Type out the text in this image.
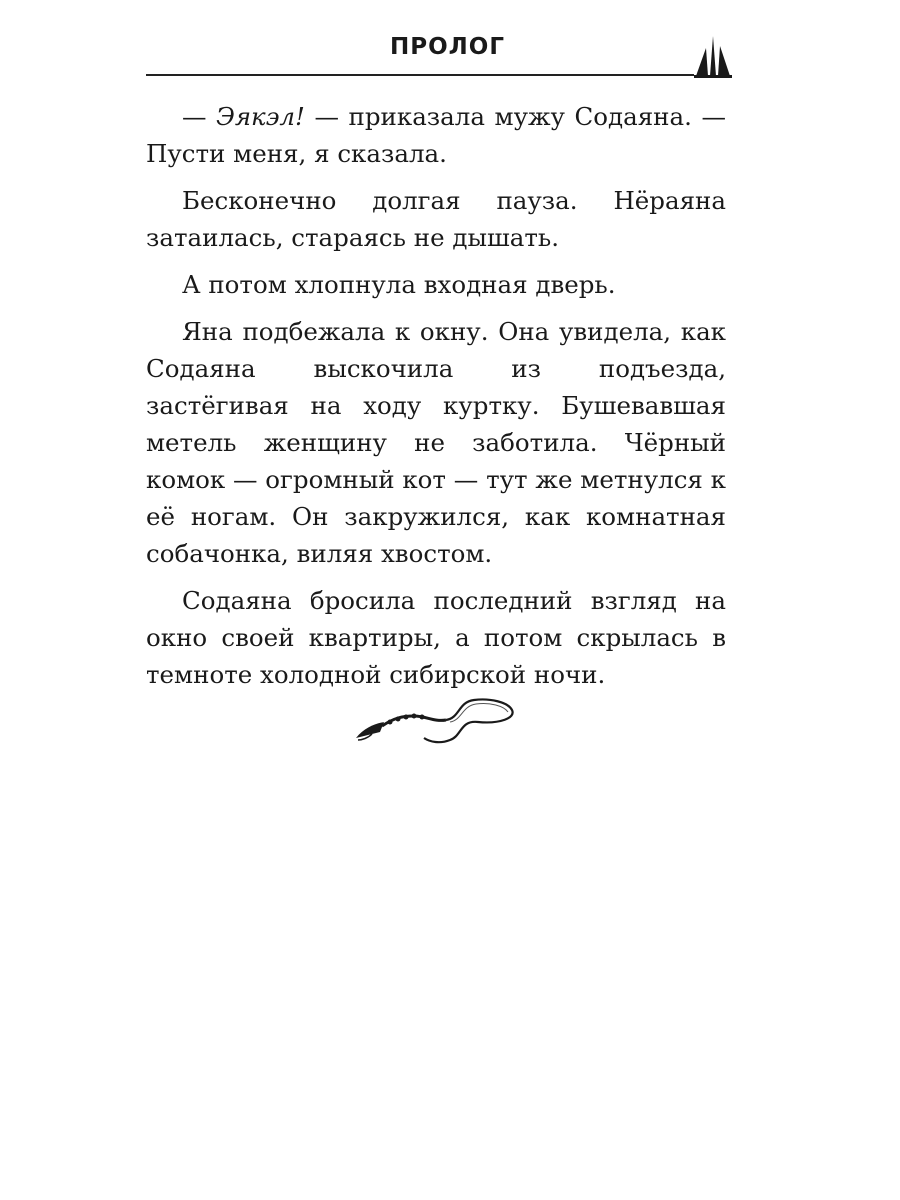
ПРОЛОГ

— Эякэл! — приказала мужу Содаяна. — Пусти меня, я сказала.

Бесконечно долгая пауза. Нёраяна затаилась, стараясь не дышать.

А потом хлопнула входная дверь.

Яна подбежала к окну. Она увидела, как Содаяна выскочила из подъезда, застёгивая на ходу куртку. Бушевавшая метель женщину не заботила. Чёрный комок — огромный кот — тут же метнулся к её ногам. Он закружился, как комнатная собачонка, виляя хвостом.

Содаяна бросила последний взгляд на окно своей квартиры, а потом скрылась в темноте холодной сибирской ночи.
